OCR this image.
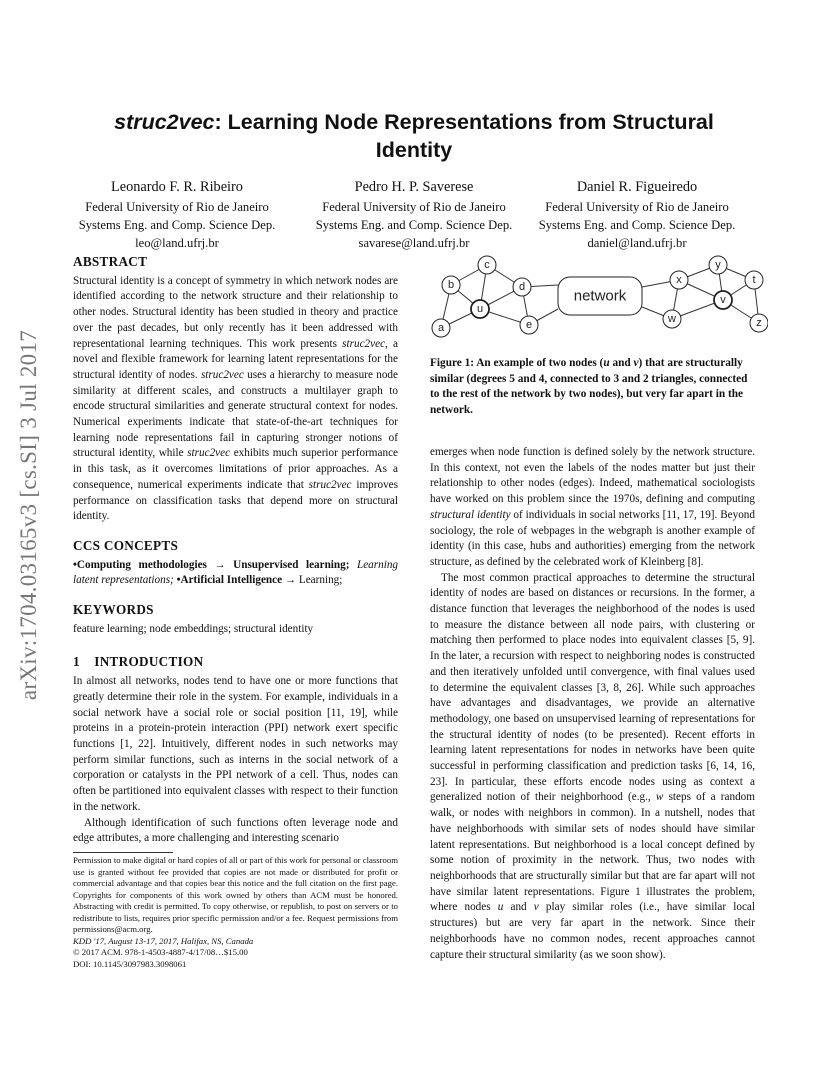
arXiv:1704.03165v3 [cs.SI] 3 Jul 2017
struc2vec: Learning Node Representations from Structural Identity
Leonardo F. R. Ribeiro
Federal University of Rio de Janeiro
Systems Eng. and Comp. Science Dep.
leo@land.ufrj.br
Pedro H. P. Saverese
Federal University of Rio de Janeiro
Systems Eng. and Comp. Science Dep.
savarese@land.ufrj.br
Daniel R. Figueiredo
Federal University of Rio de Janeiro
Systems Eng. and Comp. Science Dep.
daniel@land.ufrj.br
ABSTRACT

Structural identity is a concept of symmetry in which network nodes are identified according to the network structure and their relationship to other nodes. Structural identity has been studied in theory and practice over the past decades, but only recently has it been addressed with representational learning techniques. This work presents struc2vec, a novel and flexible framework for learning latent representations for the structural identity of nodes. struc2vec uses a hierarchy to measure node similarity at different scales, and constructs a multilayer graph to encode structural similarities and generate structural context for nodes. Numerical experiments indicate that state-of-the-art techniques for learning node representations fail in capturing stronger notions of structural identity, while struc2vec exhibits much superior performance in this task, as it overcomes limitations of prior approaches. As a consequence, numerical experiments indicate that struc2vec improves performance on classification tasks that depend more on structural identity.

CCS CONCEPTS

•Computing methodologies → Unsupervised learning; Learning latent representations; •Artificial Intelligence → Learning;

KEYWORDS

feature learning; node embeddings; structural identity

1 INTRODUCTION

In almost all networks, nodes tend to have one or more functions that greatly determine their role in the system. For example, individuals in a social network have a social role or social position [11, 19], while proteins in a protein-protein interaction (PPI) network exert specific functions [1, 22]. Intuitively, different nodes in such networks may perform similar functions, such as interns in the social network of a corporation or catalysts in the PPI network of a cell. Thus, nodes can often be partitioned into equivalent classes with respect to their function in the network.

Although identification of such functions often leverage node and edge attributes, a more challenging and interesting scenario

Permission to make digital or hard copies of all or part of this work for personal or classroom use is granted without fee provided that copies are not made or distributed for profit or commercial advantage and that copies bear this notice and the full citation on the first page. Copyrights for components of this work owned by others than ACM must be honored. Abstracting with credit is permitted. To copy otherwise, or republish, to post on servers or to redistribute to lists, requires prior specific permission and/or a fee. Request permissions from permissions@acm.org.
KDD '17, August 13-17, 2017, Halifax, NS, Canada
© 2017 ACM. 978-1-4503-4887-4/17/08…$15.00
DOI: 10.1145/3097983.3098061
network
a
b
c
u
d
e
x
y
t
v
w	z
Figure 1: An example of two nodes (u and v) that are structurally similar (degrees 5 and 4, connected to 3 and 2 triangles, connected to the rest of the network by two nodes), but very far apart in the network.

emerges when node function is defined solely by the network structure. In this context, not even the labels of the nodes matter but just their relationship to other nodes (edges). Indeed, mathematical sociologists have worked on this problem since the 1970s, defining and computing structural identity of individuals in social networks [11, 17, 19]. Beyond sociology, the role of webpages in the webgraph is another example of identity (in this case, hubs and authorities) emerging from the network structure, as defined by the celebrated work of Kleinberg [8].

The most common practical approaches to determine the structural identity of nodes are based on distances or recursions. In the former, a distance function that leverages the neighborhood of the nodes is used to measure the distance between all node pairs, with clustering or matching then performed to place nodes into equivalent classes [5, 9]. In the later, a recursion with respect to neighboring nodes is constructed and then iteratively unfolded until convergence, with final values used to determine the equivalent classes [3, 8, 26]. While such approaches have advantages and disadvantages, we provide an alternative methodology, one based on unsupervised learning of representations for the structural identity of nodes (to be presented). Recent efforts in learning latent representations for nodes in networks have been quite successful in performing classification and prediction tasks [6, 14, 16, 23]. In particular, these efforts encode nodes using as context a generalized notion of their neighborhood (e.g., w steps of a random walk, or nodes with neighbors in common). In a nutshell, nodes that have neighborhoods with similar sets of nodes should have similar latent representations. But neighborhood is a local concept defined by some notion of proximity in the network. Thus, two nodes with neighborhoods that are structurally similar but that are far apart will not have similar latent representations. Figure 1 illustrates the problem, where nodes u and v play similar roles (i.e., have similar local structures) but are very far apart in the network. Since their neighborhoods have no common nodes, recent approaches cannot capture their structural similarity (as we soon show).
